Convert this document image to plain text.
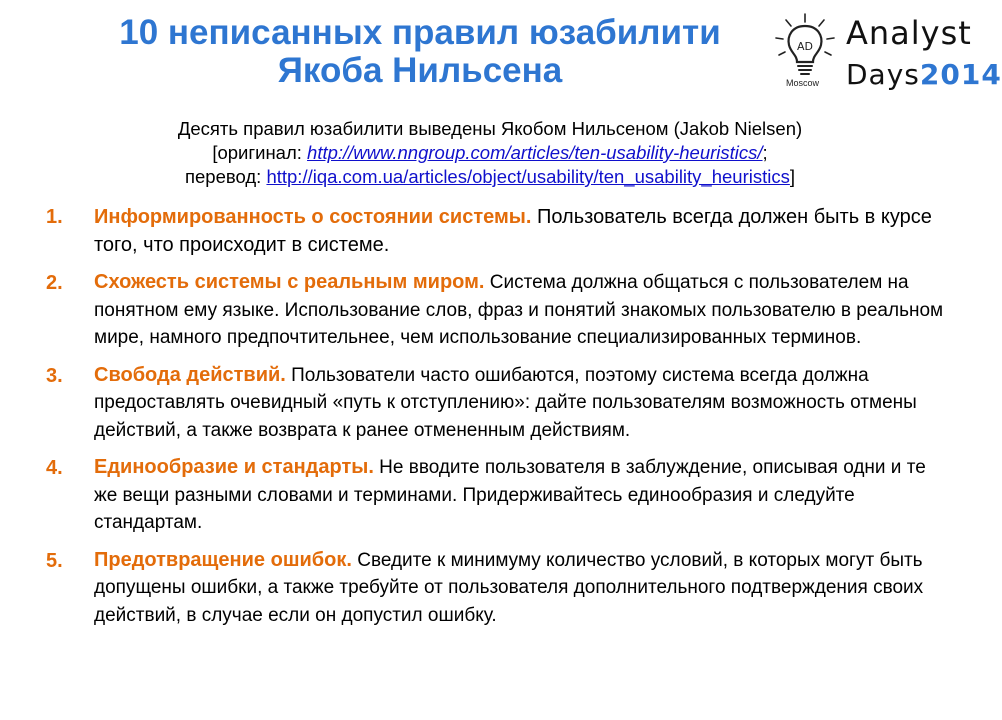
10 неписанных правил юзабилити
Якоба Нильсена
AD
Moscow
Analyst
Days2014
Десять правил юзабилити выведены Якобом Нильсеном (Jakob Nielsen)
[оригинал: http://www.nngroup.com/articles/ten-usability-heuristics/;
перевод: http://iqa.com.ua/articles/object/usability/ten_usability_heuristics]
1. Информированность о состоянии системы. Пользователь всегда должен быть в курсе того, что происходит в системе.
2. Схожесть системы с реальным миром. Система должна общаться с пользователем на понятном ему языке. Использование слов, фраз и понятий знакомых пользователю в реальном мире, намного предпочтительнее, чем использование специализированных терминов.
3. Свобода действий. Пользователи часто ошибаются, поэтому система всегда должна предоставлять очевидный «путь к отступлению»: дайте пользователям возможность отмены действий, а также возврата к ранее отмененным действиям.
4. Единообразие и стандарты. Не вводите пользователя в заблуждение, описывая одни и те же вещи разными словами и терминами. Придерживайтесь единообразия и следуйте стандартам.
5. Предотвращение ошибок. Сведите к минимуму количество условий, в которых могут быть допущены ошибки, а также требуйте от пользователя дополнительного подтверждения своих действий, в случае если он допустил ошибку.
